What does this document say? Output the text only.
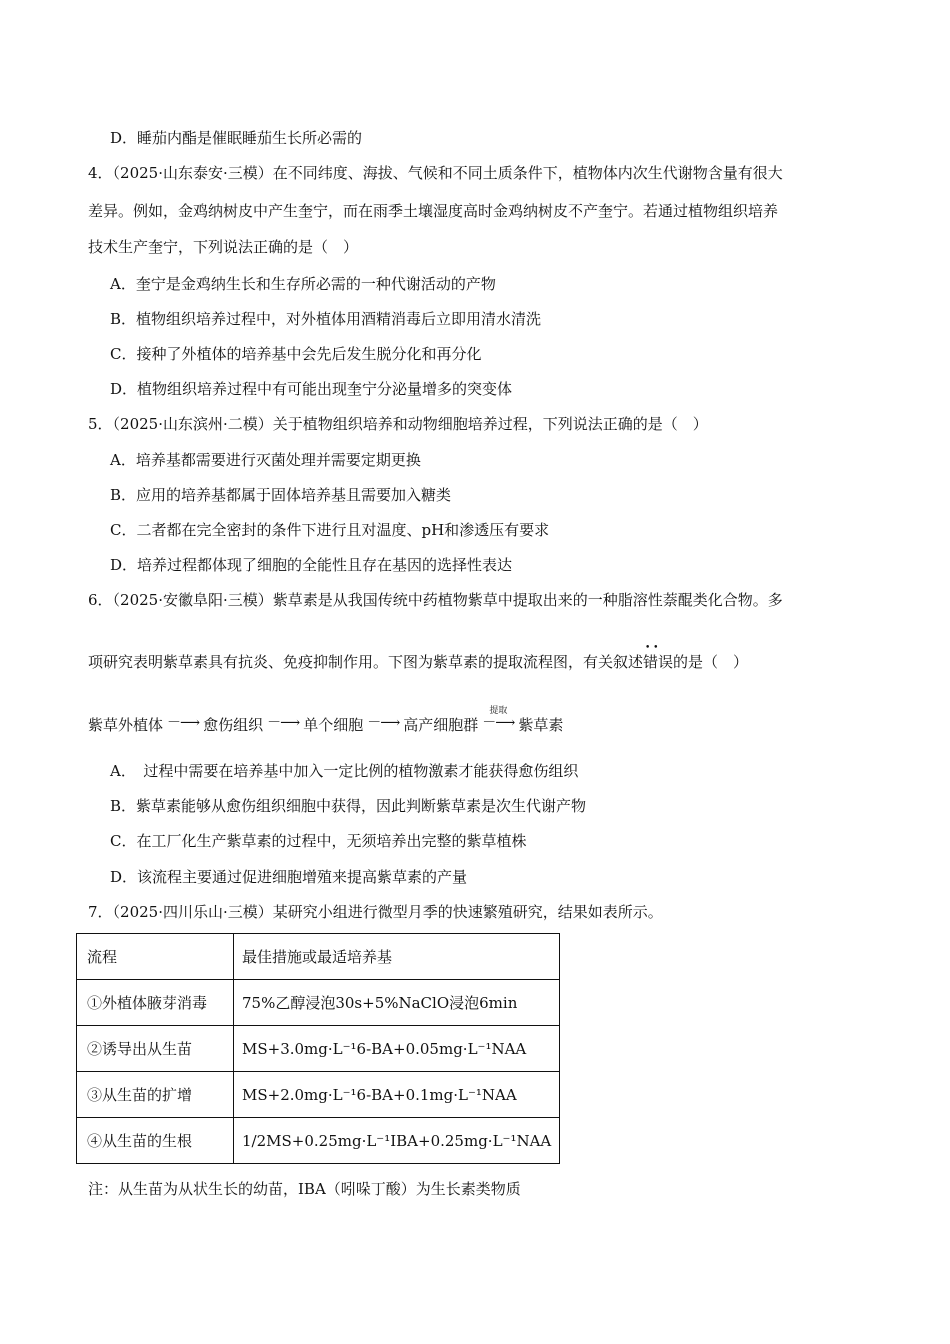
D．睡茄内酯是催眠睡茄生长所必需的
4．（2025·山东泰安·三模）在不同纬度、海拔、气候和不同土质条件下，植物体内次生代谢物含量有很大
差异。例如，金鸡纳树皮中产生奎宁，而在雨季土壤湿度高时金鸡纳树皮不产奎宁。若通过植物组织培养
技术生产奎宁，下列说法正确的是（　）
A．奎宁是金鸡纳生长和生存所必需的一种代谢活动的产物
B．植物组织培养过程中，对外植体用酒精消毒后立即用清水清洗
C．接种了外植体的培养基中会先后发生脱分化和再分化
D．植物组织培养过程中有可能出现奎宁分泌量增多的突变体
5．（2025·山东滨州·二模）关于植物组织培养和动物细胞培养过程，下列说法正确的是（　）
A．培养基都需要进行灭菌处理并需要定期更换
B．应用的培养基都属于固体培养基且需要加入糖类
C．二者都在完全密封的条件下进行且对温度、pH和渗透压有要求
D．培养过程都体现了细胞的全能性且存在基因的选择性表达
6．（2025·安徽阜阳·三模）紫草素是从我国传统中药植物紫草中提取出来的一种脂溶性萘醌类化合物。多
项研究表明紫草素具有抗炎、免疫抑制作用。下图为紫草素的提取流程图，有关叙述• • 错误的是（　）
紫草外植体 －⟶ 愈伤组织 －⟶ 单个细胞 －⟶ 高产细胞群
提取
－⟶ 紫草素
A．　过程中需要在培养基中加入一定比例的植物激素才能获得愈伤组织
B．紫草素能够从愈伤组织细胞中获得，因此判断紫草素是次生代谢产物
C．在工厂化生产紫草素的过程中，无须培养出完整的紫草植株
D．该流程主要通过促进细胞增殖来提高紫草素的产量
7．（2025·四川乐山·三模）某研究小组进行微型月季的快速繁殖研究，结果如表所示。
流程	最佳措施或最适培养基
①外植体腋芽消毒	75%乙醇浸泡30s+5%NaClO浸泡6min
②诱导出从生苗	MS+3.0mg·L⁻¹6-BA+0.05mg·L⁻¹NAA
③从生苗的扩增	MS+2.0mg·L⁻¹6-BA+0.1mg·L⁻¹NAA
④从生苗的生根	1/2MS+0.25mg·L⁻¹IBA+0.25mg·L⁻¹NAA
注：从生苗为从状生长的幼苗，IBA（吲哚丁酸）为生长素类物质
